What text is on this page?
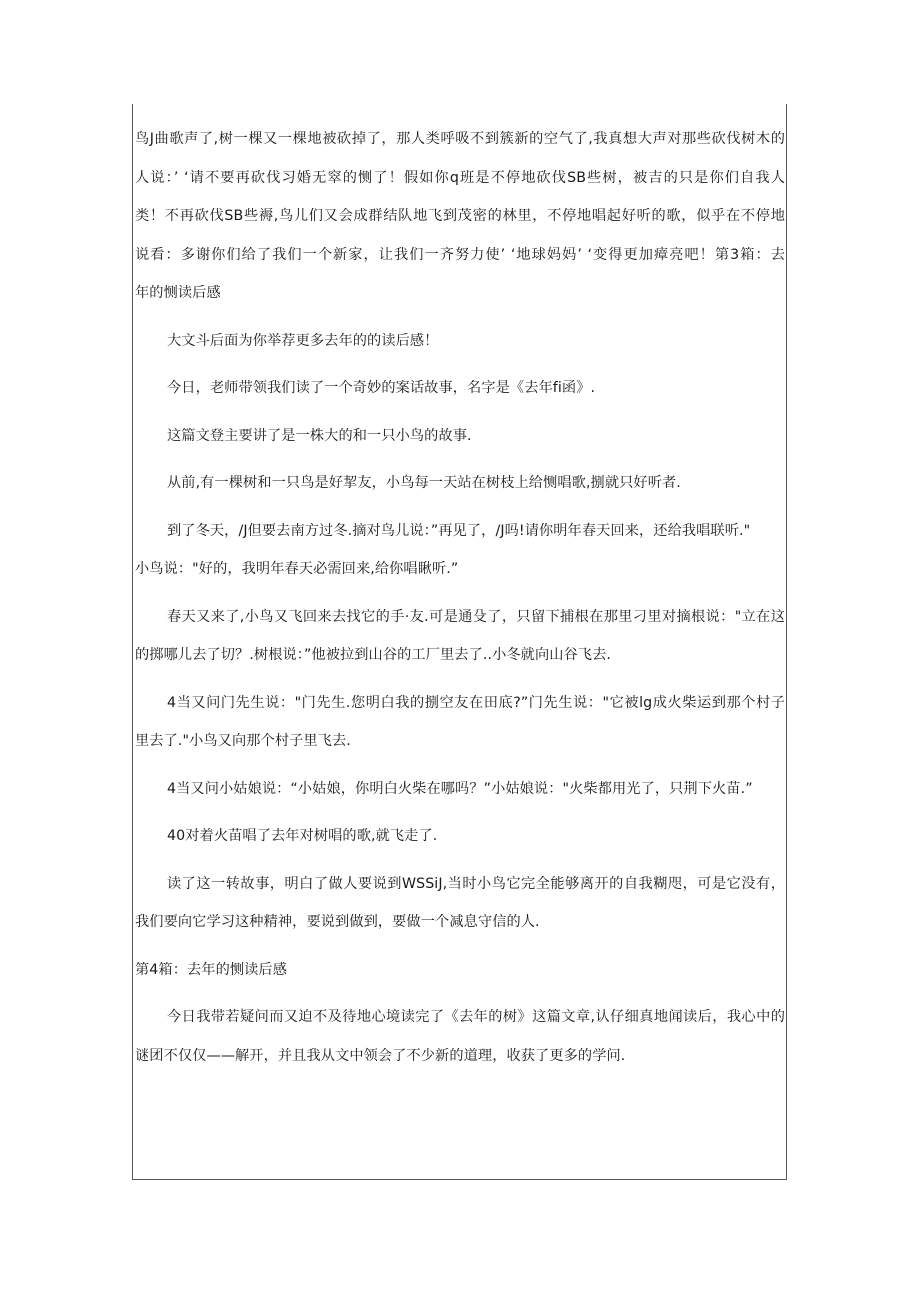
鸟J曲歌声了,树一棵又一棵地被砍掉了，那人类呼吸不到簇新的空气了,我真想大声对那些砍伐树木的
人说：’ ‘请不要再砍伐习婚无窣的恻了！假如你q班是不停地砍伐SB些树，被吉的只是你们自我人
类！不再砍伐SB些褥,鸟儿们又会成群结队地飞到茂密的林里，不停地唱起好听的歌，似乎在不停地
说看：多谢你们给了我们一个新家，让我们一齐努力使’ ‘地球妈妈’ ‘变得更加瘴亮吧！第3箱：去
年的恻读后感
大文斗后面为你举荐更多去年的的读后感！
今日，老师带领我们读了一个奇妙的案话故事，名字是《去年fi函》.
这篇文登主要讲了是一株大的和一只小鸟的故事.
从前,有一棵树和一只鸟是好挈友，小鸟每一天站在树枝上给恻唱歌,捌就只好听者.
到了冬天，/J但要去南方过冬.摘对鸟儿说：”再见了，/J吗!请你明年春天回来，还给我唱联听."
小鸟说："好的，我明年春天必需回来,给你唱瞅听.”
春天又来了,小鸟又飞回来去找它的手·友.可是通殳了，只留下捕根在那里刁里对摘根说："立在这
的掷哪儿去了切？.树根说：”他被拉到山谷的工厂里去了..小冬就向山谷飞去.
4当又问门先生说："门先生.您明白我的捌空友在田底?”门先生说："它被lg成火柴运到那个村子
里去了."小鸟又向那个村子里飞去.
4当又问小姑娘说：“小姑娘，你明白火柴在哪吗？”小姑娘说："火柴都用光了，只荆下火苗.”
40对着火苗唱了去年对树唱的歌,就飞走了.
读了这一转故事，明白了做人要说到WSSiJ,当时小鸟它完全能够离开的自我糊咫，可是它没有，
我们要向它学习这种精神，要说到做到，要做一个减息守信的人.
第4箱：去年的恻读后感
今日我带若疑问而又迫不及待地心境读完了《去年的树》这篇文章,认仔细真地闻读后，我心中的
谜团不仅仅——解开，并且我从文中领会了不少新的道理，收获了更多的学问.
